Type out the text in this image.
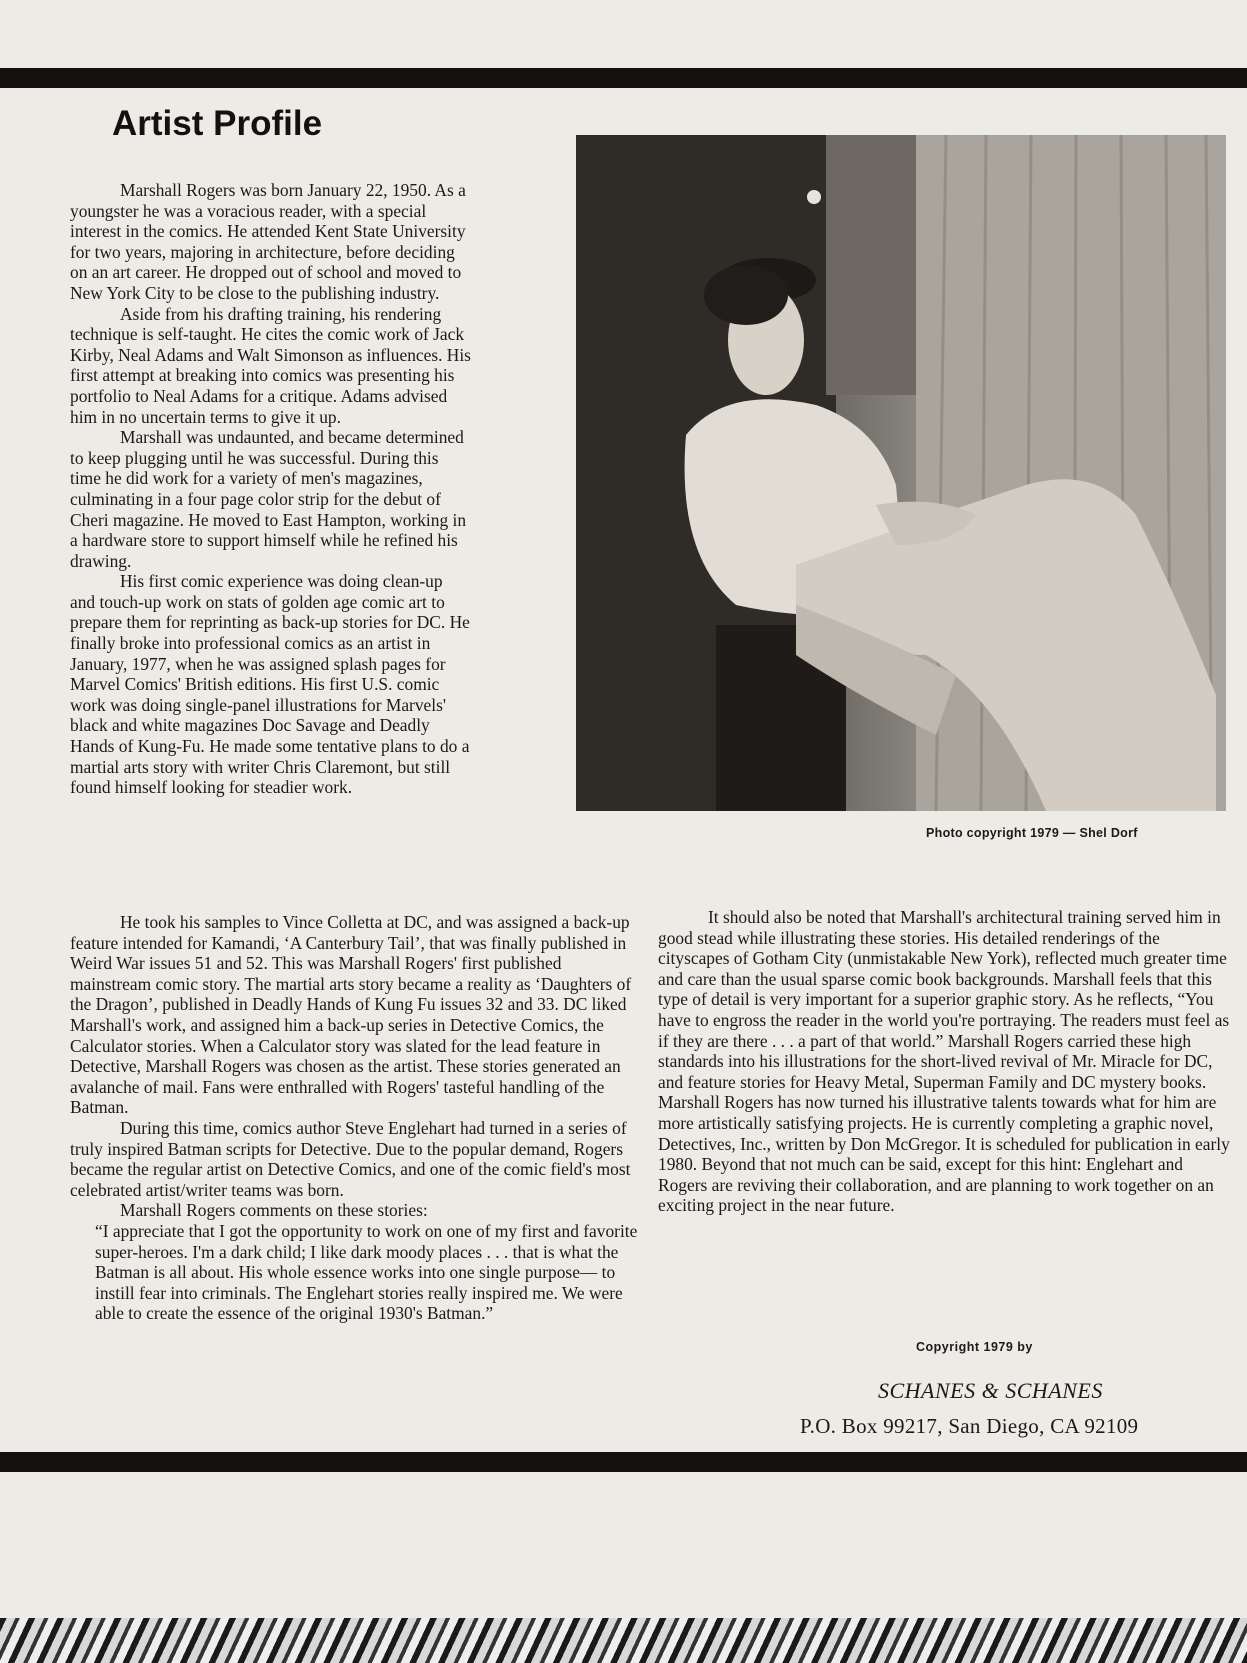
Artist Profile

Marshall Rogers was born January 22, 1950. As a youngster he was a voracious reader, with a special interest in the comics. He attended Kent State University for two years, majoring in architecture, before deciding on an art career. He dropped out of school and moved to New York City to be close to the publishing industry.

Aside from his drafting training, his rendering technique is self-taught. He cites the comic work of Jack Kirby, Neal Adams and Walt Simonson as influences. His first attempt at breaking into comics was presenting his portfolio to Neal Adams for a critique. Adams advised him in no uncertain terms to give it up.

Marshall was undaunted, and became determined to keep plugging until he was successful. During this time he did work for a variety of men's magazines, culminating in a four page color strip for the debut of Cheri magazine. He moved to East Hampton, working in a hardware store to support himself while he refined his drawing.

His first comic experience was doing clean-up and touch-up work on stats of golden age comic art to prepare them for reprinting as back-up stories for DC. He finally broke into professional comics as an artist in January, 1977, when he was assigned splash pages for Marvel Comics' British editions. His first U.S. comic work was doing single-panel illustrations for Marvels' black and white magazines Doc Savage and Deadly Hands of Kung-Fu. He made some tentative plans to do a martial arts story with writer Chris Claremont, but still found himself looking for steadier work.

Photo copyright 1979 — Shel Dorf

He took his samples to Vince Colletta at DC, and was assigned a back-up feature intended for Kamandi, ‘A Canterbury Tail’, that was finally published in Weird War issues 51 and 52. This was Marshall Rogers' first published mainstream comic story. The martial arts story became a reality as ‘Daughters of the Dragon’, published in Deadly Hands of Kung Fu issues 32 and 33. DC liked Marshall's work, and assigned him a back-up series in Detective Comics, the Calculator stories. When a Calculator story was slated for the lead feature in Detective, Marshall Rogers was chosen as the artist. These stories generated an avalanche of mail. Fans were enthralled with Rogers' tasteful handling of the Batman.

During this time, comics author Steve Englehart had turned in a series of truly inspired Batman scripts for Detective. Due to the popular demand, Rogers became the regular artist on Detective Comics, and one of the comic field's most celebrated artist/writer teams was born.

Marshall Rogers comments on these stories:

“I appreciate that I got the opportunity to work on one of my first and favorite super-heroes. I'm a dark child; I like dark moody places . . . that is what the Batman is all about. His whole essence works into one single purpose— to instill fear into criminals. The Englehart stories really inspired me. We were able to create the essence of the original 1930's Batman.”

It should also be noted that Marshall's architectural training served him in good stead while illustrating these stories. His detailed renderings of the cityscapes of Gotham City (unmistakable New York), reflected much greater time and care than the usual sparse comic book backgrounds. Marshall feels that this type of detail is very important for a superior graphic story. As he reflects, “You have to engross the reader in the world you're portraying. The readers must feel as if they are there . . . a part of that world.” Marshall Rogers carried these high standards into his illustrations for the short-lived revival of Mr. Miracle for DC, and feature stories for Heavy Metal, Superman Family and DC mystery books. Marshall Rogers has now turned his illustrative talents towards what for him are more artistically satisfying projects. He is currently completing a graphic novel, Detectives, Inc., written by Don McGregor. It is scheduled for publication in early 1980. Beyond that not much can be said, except for this hint: Englehart and Rogers are reviving their collaboration, and are planning to work together on an exciting project in the near future.

Copyright 1979 by

SCHANES & SCHANES

P.O. Box 99217, San Diego, CA 92109
